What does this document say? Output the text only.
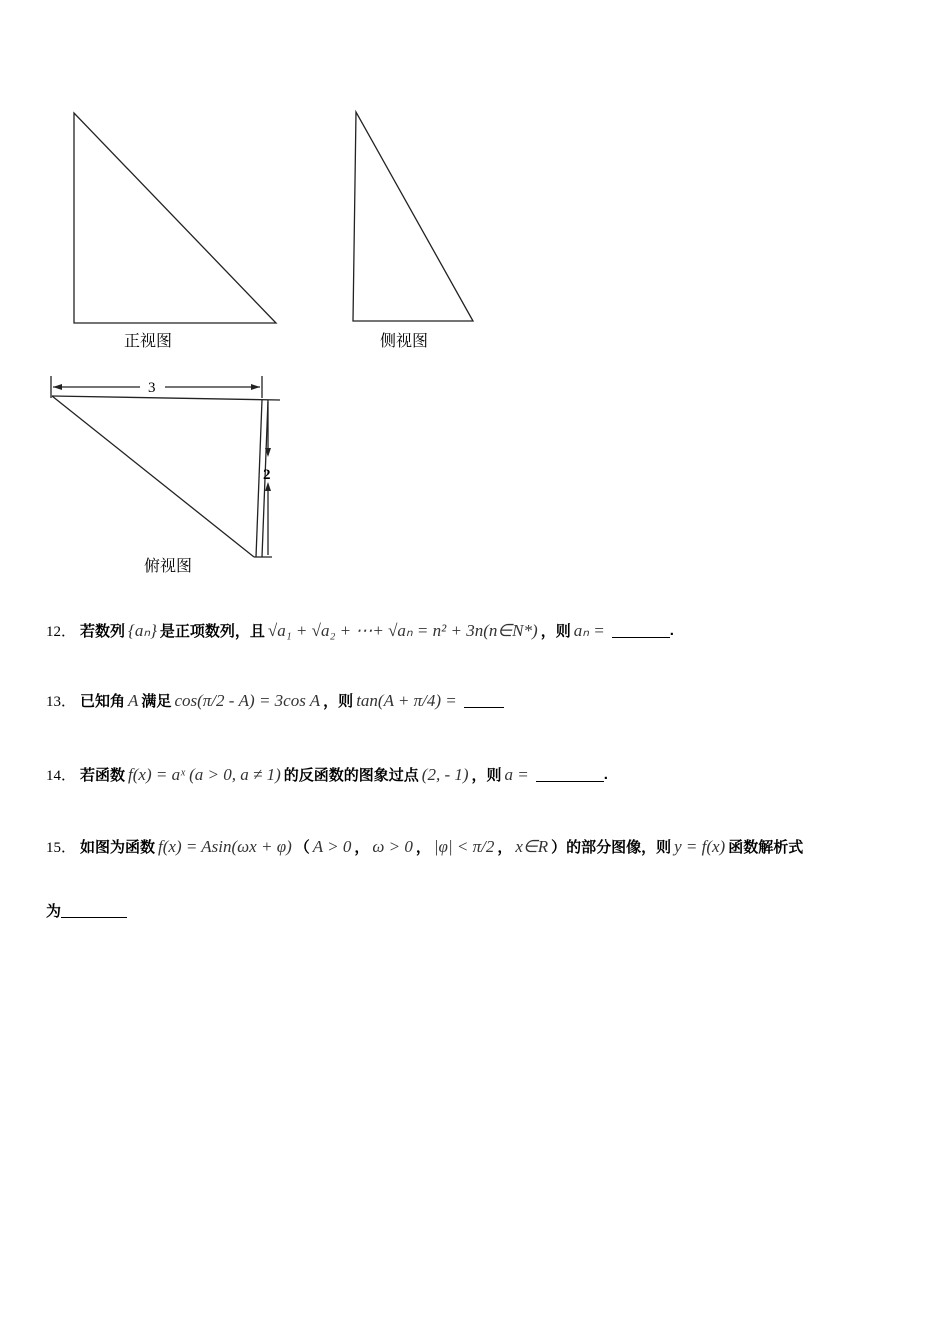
3
2
正视图	侧视图
俯视图
12． 若数列 {aₙ} 是正项数列，且 √a₁ + √a₂ + ⋯+ √aₙ = n² + 3n(n∈N*) ，则 aₙ =	.
13． 已知角 A 满足 cos(π/2 - A) = 3cos A ，则 tan(A + π/4) =
14． 若函数 f(x) = aˣ (a > 0, a ≠ 1) 的反函数的图象过点 (2, - 1) ，则 a =	.
15． 如图为函数 f(x) = Asin(ωx + φ) （ A > 0 ， ω > 0 ， |φ| < π/2 ， x∈R ）的部分图像，则 y = f(x) 函数解析式
为
